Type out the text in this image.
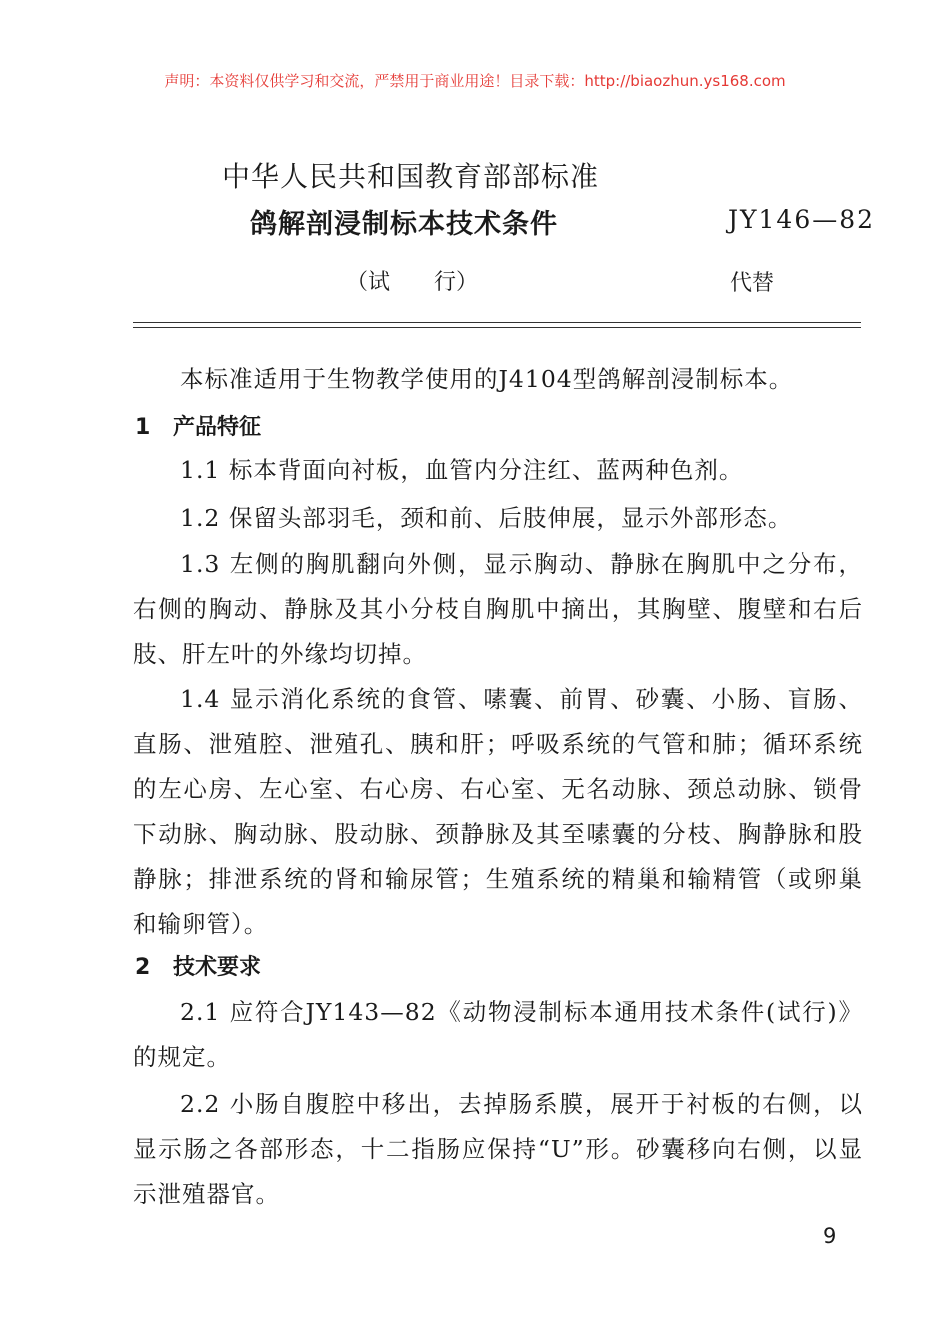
声明：本资料仅供学习和交流，严禁用于商业用途！目录下载：http://biaozhun.ys168.com
中华人民共和国教育部部标准
鸽解剖浸制标本技术条件
（试　　行）
JY146—82
代替
本标准适用于生物教学使用的J4104型鸽解剖浸制标本。
1 产品特征
1.1 标本背面向衬板，血管内分注红、蓝两种色剂。
1.2 保留头部羽毛，颈和前、后肢伸展，显示外部形态。
1.3 左侧的胸肌翻向外侧，显示胸动、静脉在胸肌中之分布，右侧的胸动、静脉及其小分枝自胸肌中摘出，其胸壁、腹壁和右后肢、肝左叶的外缘均切掉。
1.4 显示消化系统的食管、嗉囊、前胃、砂囊、小肠、盲肠、直肠、泄殖腔、泄殖孔、胰和肝；呼吸系统的气管和肺；循环系统的左心房、左心室、右心房、右心室、无名动脉、颈总动脉、锁骨下动脉、胸动脉、股动脉、颈静脉及其至嗉囊的分枝、胸静脉和股静脉；排泄系统的肾和输尿管；生殖系统的精巢和输精管（或卵巢和输卵管）。
2 技术要求
2.1 应符合JY143—82《动物浸制标本通用技术条件(试行)》的规定。
2.2 小肠自腹腔中移出，去掉肠系膜，展开于衬板的右侧，以显示肠之各部形态，十二指肠应保持“U”形。砂囊移向右侧，以显示泄殖器官。
9
